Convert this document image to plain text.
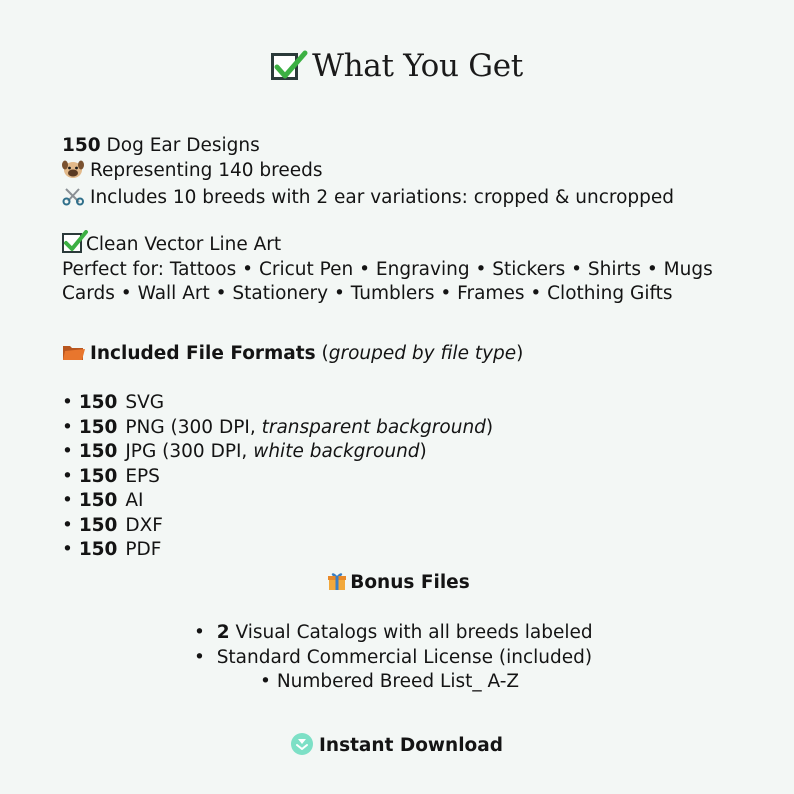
What You Get
150 Dog Ear Designs
Representing 140 breeds
Includes 10 breeds with 2 ear variations: cropped & uncropped
Clean Vector Line Art
Perfect for: Tattoos • Cricut Pen • Engraving • Stickers • Shirts • Mugs
Cards • Wall Art • Stationery • Tumblers • Frames • Clothing Gifts
Included File Formats (grouped by file type)
• 150 SVG
• 150 PNG (300 DPI, transparent background)
• 150 JPG (300 DPI, white background)
• 150 EPS
• 150 AI
• 150 DXF
• 150 PDF
Bonus Files
• 2 Visual Catalogs with all breeds labeled
• Standard Commercial License (included)
• Numbered Breed List_ A-Z
Instant Download
